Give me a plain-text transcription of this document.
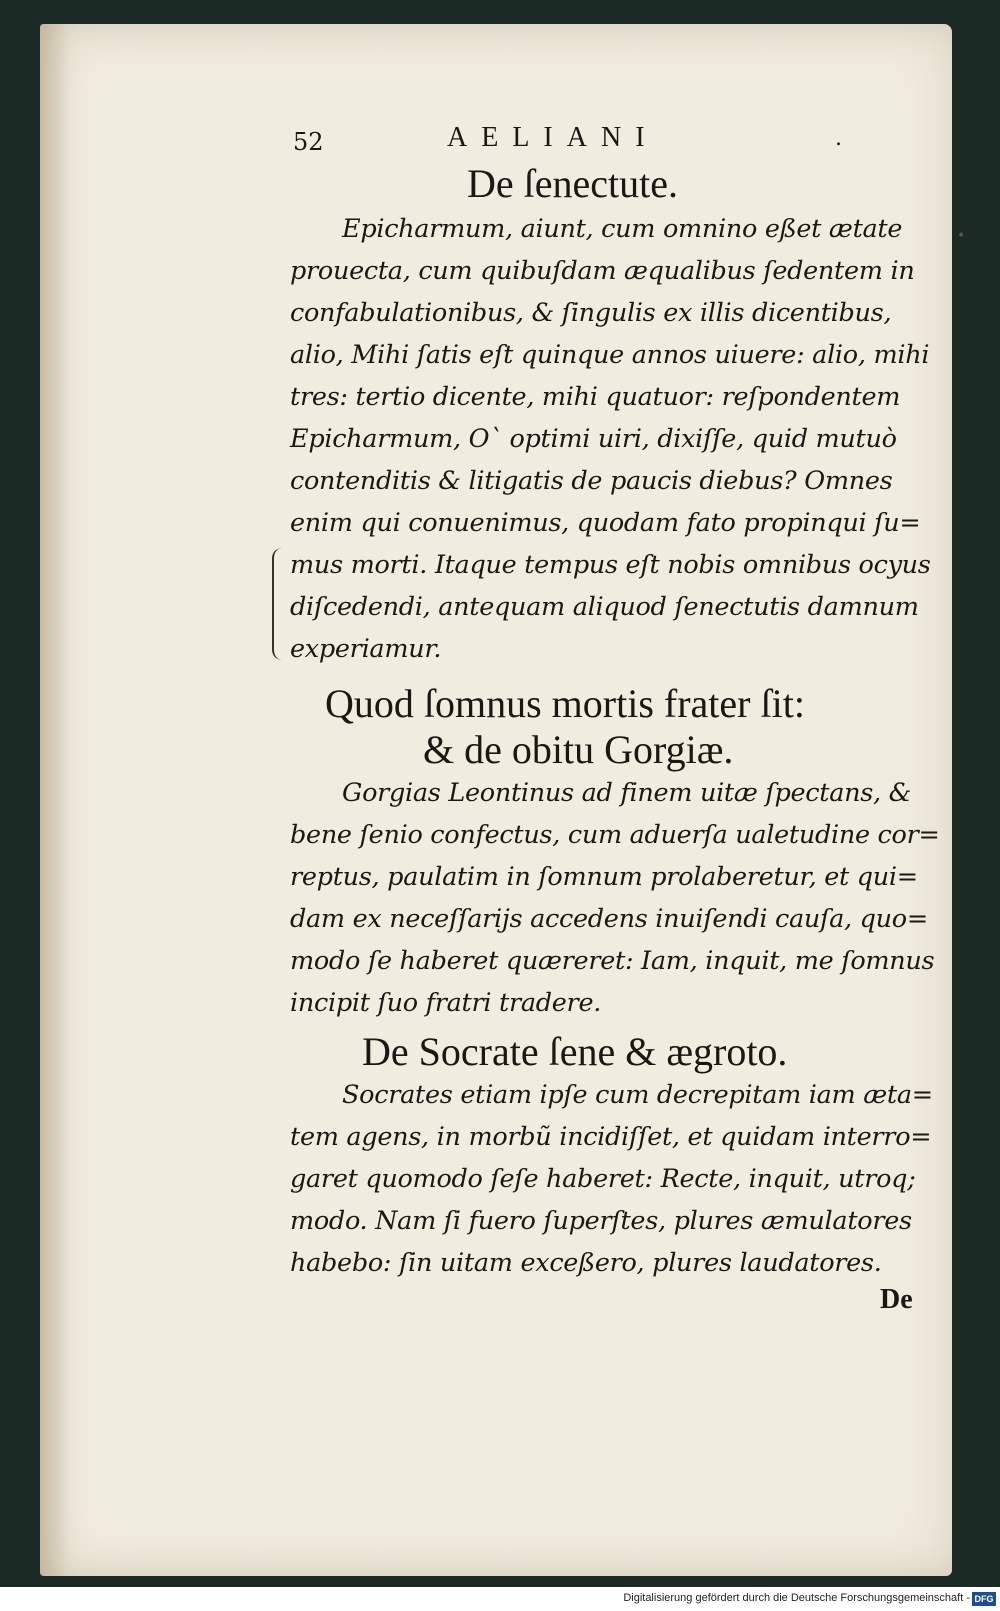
52	AELIANI	.

De ſenectute.

Epicharmum, aiunt, cum omnino eßet ætate

prouecta, cum quibuſdam æqualibus ſedentem in

confabulationibus, & ſingulis ex illis dicentibus,

alio, Mihi ſatis eſt quinque annos uiuere: alio, mihi

tres: tertio dicente, mihi quatuor: reſpondentem

Epicharmum, O` optimi uiri, dixiſſe, quid mutuò

contenditis & litigatis de paucis diebus? Omnes

enim qui conuenimus, quodam fato propinqui ſu=

mus morti. Itaque tempus eſt nobis omnibus ocyus

diſcedendi, antequam aliquod ſenectutis damnum

experiamur.

•

Quod ſomnus mortis frater ſit:

& de obitu Gorgiæ.

Gorgias Leontinus ad finem uitæ ſpectans, &

bene ſenio confectus, cum aduerſa ualetudine cor=

reptus, paulatim in ſomnum prolaberetur, et qui=

dam ex neceſſarijs accedens inuiſendi cauſa, quo=

modo ſe haberet quæreret: Iam, inquit, me ſomnus

incipit ſuo fratri tradere.

De Socrate ſene & ægroto.

Socrates etiam ipſe cum decrepitam iam æta=

tem agens, in morbũ incidiſſet, et quidam interro=

garet quomodo ſeſe haberet: Recte, inquit, utroq;

modo. Nam ſi fuero ſuperſtes, plures æmulatores

habebo: ſin uitam exceßero, plures laudatores.

De

Digitalisierung gefördert durch die Deutsche Forschungsgemeinschaft - DFG
